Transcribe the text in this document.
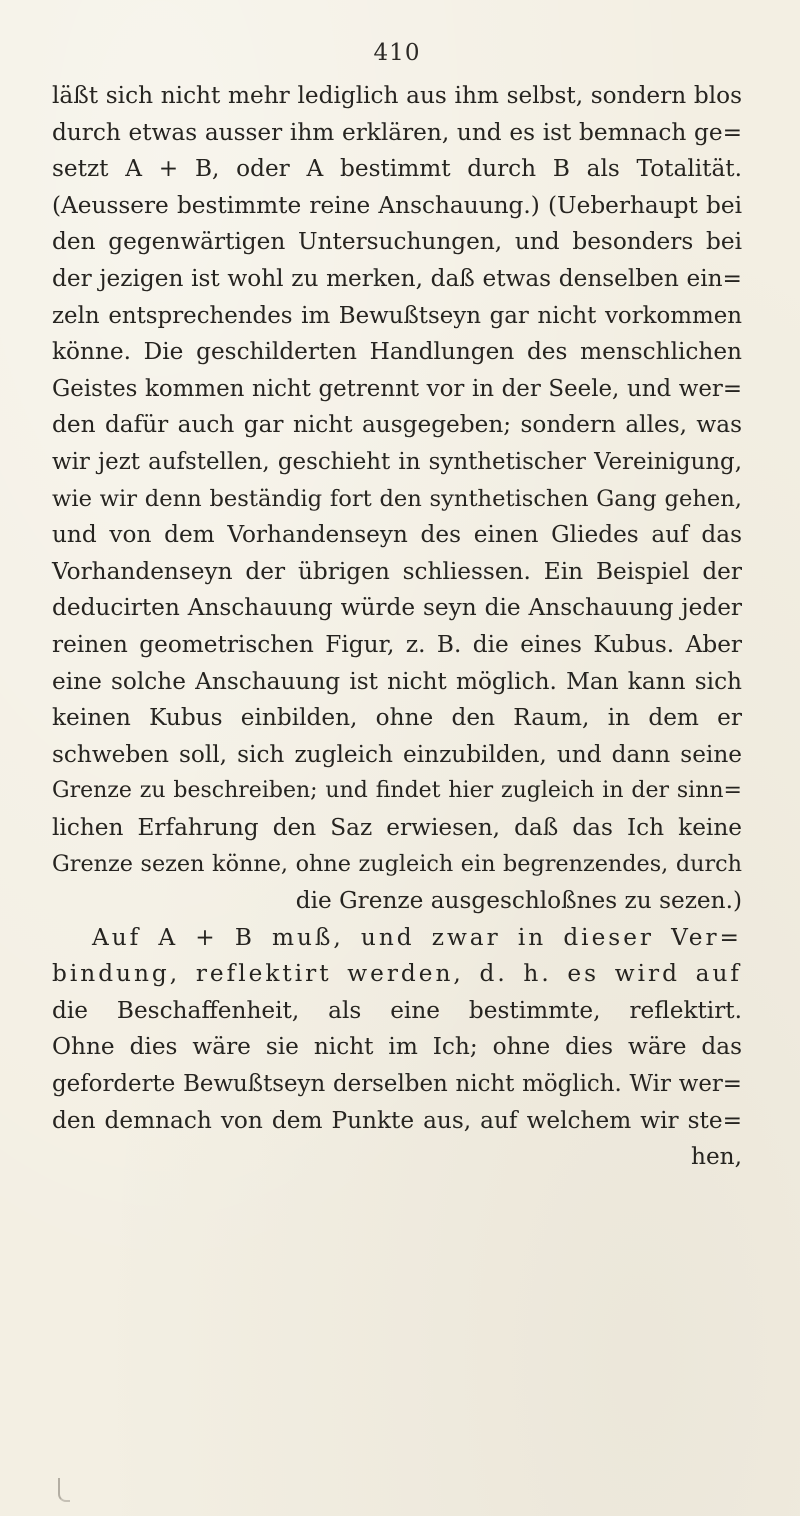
410
läßt sich nicht mehr lediglich aus ihm selbst, sondern blos
durch etwas ausser ihm erklären, und es ist bemnach ge=
setzt A + B, oder A bestimmt durch B als Totalität.
(Aeussere bestimmte reine Anschauung.) (Ueberhaupt bei
den gegenwärtigen Untersuchungen, und besonders bei
der jezigen ist wohl zu merken, daß etwas denselben ein=
zeln entsprechendes im Bewußtseyn gar nicht vorkommen
könne. Die geschilderten Handlungen des menschlichen
Geistes kommen nicht getrennt vor in der Seele, und wer=
den dafür auch gar nicht ausgegeben; sondern alles, was
wir jezt aufstellen, geschieht in synthetischer Vereinigung,
wie wir denn beständig fort den synthetischen Gang gehen,
und von dem Vorhandenseyn des einen Gliedes auf das
Vorhandenseyn der übrigen schliessen. Ein Beispiel der
deducirten Anschauung würde seyn die Anschauung jeder
reinen geometrischen Figur, z. B. die eines Kubus. Aber
eine solche Anschauung ist nicht möglich. Man kann sich
keinen Kubus einbilden, ohne den Raum, in dem er
schweben soll, sich zugleich einzubilden, und dann seine
Grenze zu beschreiben; und findet hier zugleich in der sinn=
lichen Erfahrung den Saz erwiesen, daß das Ich keine
Grenze sezen könne, ohne zugleich ein begrenzendes, durch
die Grenze ausgeschloßnes zu sezen.)
Auf A + B muß, und zwar in dieser Ver=
bindung, reflektirt werden, d. h. es wird auf
die Beschaffenheit, als eine bestimmte, reflektirt.
Ohne dies wäre sie nicht im Ich; ohne dies wäre das
geforderte Bewußtseyn derselben nicht möglich. Wir wer=
den demnach von dem Punkte aus, auf welchem wir ste=
hen,
